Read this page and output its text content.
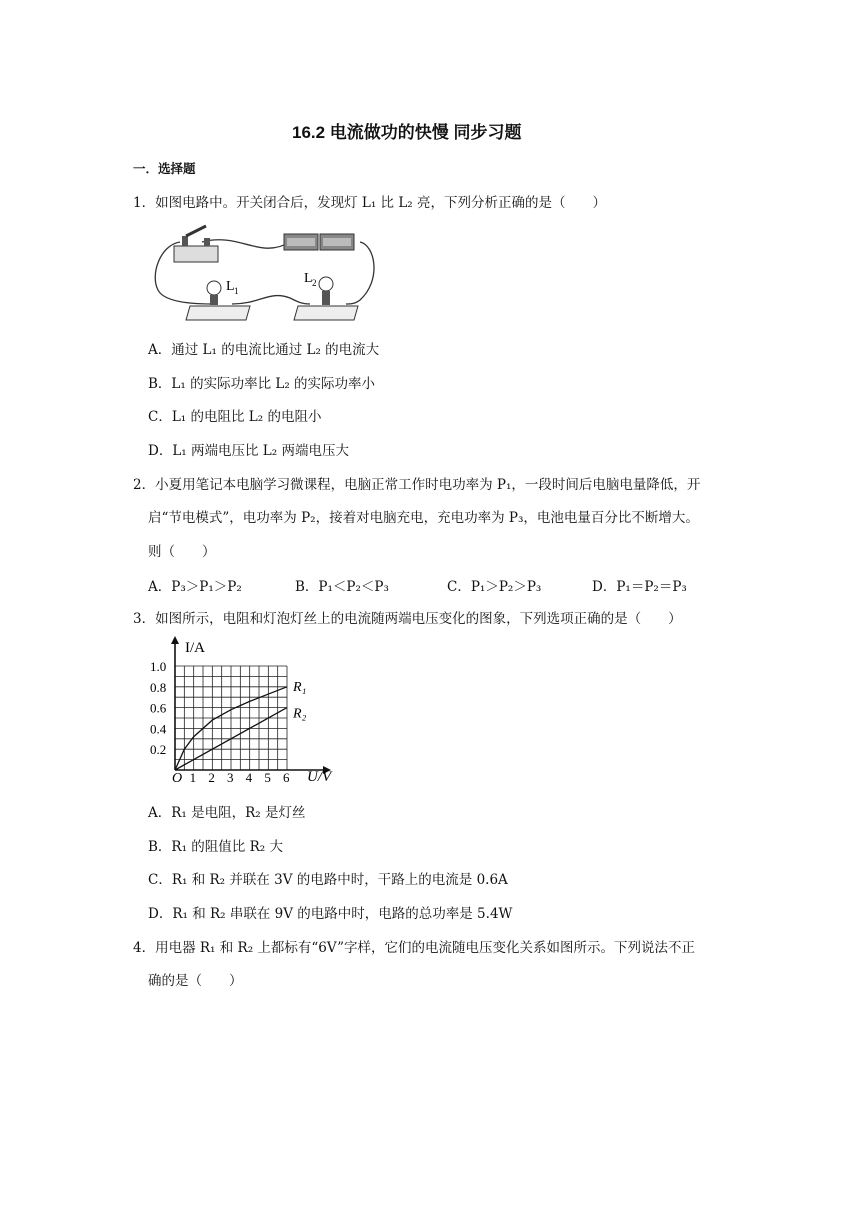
16.2 电流做功的快慢 同步习题
一．选择题
1．如图电路中。开关闭合后，发现灯 L₁ 比 L₂ 亮，下列分析正确的是（　　）
L 1
L 2
A．通过 L₁ 的电流比通过 L₂ 的电流大
B．L₁ 的实际功率比 L₂ 的实际功率小
C．L₁ 的电阻比 L₂ 的电阻小
D．L₁ 两端电压比 L₂ 两端电压大
2．小夏用笔记本电脑学习微课程，电脑正常工作时电功率为 P₁，一段时间后电脑电量降低，开
启“节电模式”，电功率为 P₂，接着对电脑充电，充电功率为 P₃，电池电量百分比不断增大。
则（　　）
A．P₃＞P₁＞P₂	B．P₁＜P₂＜P₃	C．P₁＞P₂＞P₃	D．P₁＝P₂＝P₃
3．如图所示，电阻和灯泡灯丝上的电流随两端电压变化的图象，下列选项正确的是（　　）
1 2 3 4 5 6
0.2
0.4
0.6
0.8
1.0
R₁
R₂
I/A
U/V
O
A．R₁ 是电阻，R₂ 是灯丝
B．R₁ 的阻值比 R₂ 大
C．R₁ 和 R₂ 并联在 3V 的电路中时，干路上的电流是 0.6A
D．R₁ 和 R₂ 串联在 9V 的电路中时，电路的总功率是 5.4W
4．用电器 R₁ 和 R₂ 上都标有“6V”字样，它们的电流随电压变化关系如图所示。下列说法不正
确的是（　　）
